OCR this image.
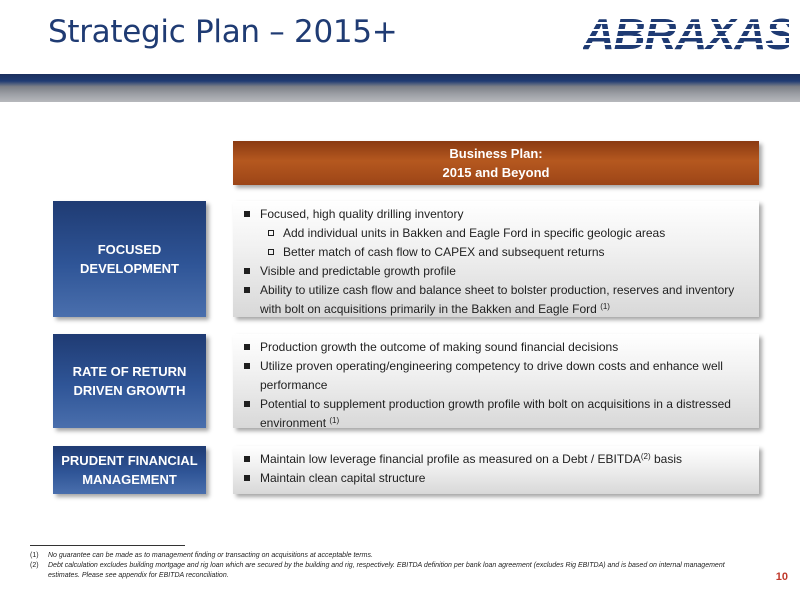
Strategic Plan – 2015+	ABRAXAS
Business Plan:
2015 and Beyond
FOCUSED
DEVELOPMENT
Focused, high quality drilling inventory
Add individual units in Bakken and Eagle Ford in specific geologic areas
Better match of cash flow to CAPEX and subsequent returns
Visible and predictable growth profile
Ability to utilize cash flow and balance sheet to bolster production, reserves and inventory with bolt on acquisitions primarily in the Bakken and Eagle Ford $^{(1)}$
RATE OF RETURN
DRIVEN GROWTH
Production growth the outcome of making sound financial decisions
Utilize proven operating/engineering competency to drive down costs and enhance well performance
Potential to supplement production growth profile with bolt on acquisitions in a distressed environment $^{(1)}$
PRUDENT FINANCIAL
MANAGEMENT
Maintain low leverage financial profile as measured on a Debt / EBITDA$^{(2)}$ basis
Maintain clean capital structure
(1) No guarantee can be made as to management finding or transacting on acquisitions at acceptable terms.
(2) Debt calculation excludes building mortgage and rig loan which are secured by the building and rig, respectively. EBITDA definition per bank loan agreement (excludes Rig EBITDA) and is based on internal management estimates. Please see appendix for EBITDA reconciliation.	10
